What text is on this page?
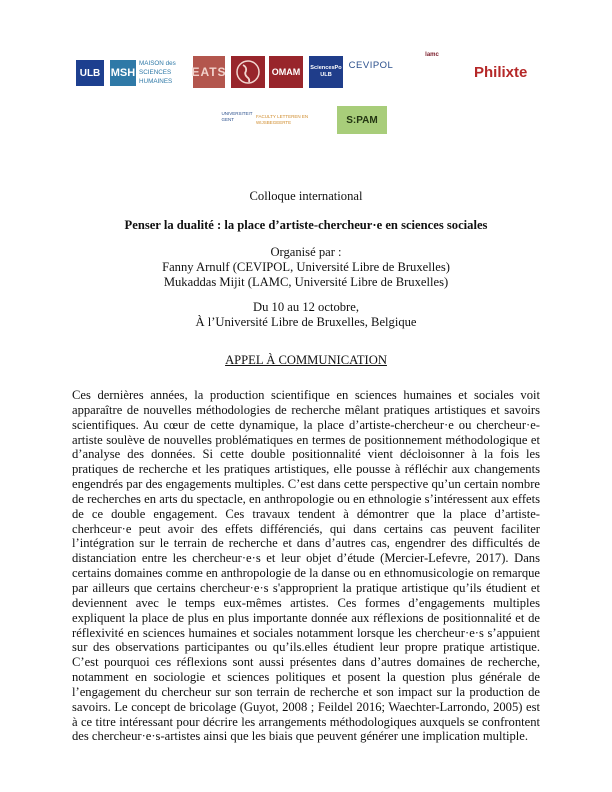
ULB MSH
MAISON des SCIENCES HUMAINES
EATS	OMAM	SciencesPo ULB
CEVIPOL
lamc
Philixte
UNIVERSITEIT GENT
FACULTY LETTEREN EN WIJSBEGEERTE	S:PAM
Colloque international
Penser la dualité : la place d’artiste-chercheur·e en sciences sociales
Organisé par :
Fanny Arnulf (CEVIPOL, Université Libre de Bruxelles)
Mukaddas Mijit (LAMC, Université Libre de Bruxelles)
Du 10 au 12 octobre,
À l’Université Libre de Bruxelles, Belgique
APPEL À COMMUNICATION

Ces dernières années, la production scientifique en sciences humaines et sociales voit apparaître de nouvelles méthodologies de recherche mêlant pratiques artistiques et savoirs scientifiques. Au cœur de cette dynamique, la place d’artiste-chercheur·e ou chercheur·e-artiste soulève de nouvelles problématiques en termes de positionnement méthodologique et d’analyse des données. Si cette double positionnalité vient décloisonner à la fois les pratiques de recherche et les pratiques artistiques, elle pousse à réfléchir aux changements engendrés par des engagements multiples. C’est dans cette perspective qu’un certain nombre de recherches en arts du spectacle, en anthropologie ou en ethnologie s’intéressent aux effets de ce double engagement. Ces travaux tendent à démontrer que la place d’artiste-cherhceur·e peut avoir des effets différenciés, qui dans certains cas peuvent faciliter l’intégration sur le terrain de recherche et dans d’autres cas, engendrer des difficultés de distanciation entre les chercheur·e·s et leur objet d’étude (Mercier-Lefevre, 2017). Dans certains domaines comme en anthropologie de la danse ou en ethnomusicologie on remarque par ailleurs que certains chercheur·e·s s'approprient la pratique artistique qu’ils étudient et deviennent avec le temps eux-mêmes artistes. Ces formes d’engagements multiples expliquent la place de plus en plus importante donnée aux réflexions de positionnalité et de réflexivité en sciences humaines et sociales notamment lorsque les chercheur·e·s s’appuient sur des observations participantes ou qu’ils.elles étudient leur propre pratique artistique. C’est pourquoi ces réflexions sont aussi présentes dans d’autres domaines de recherche, notamment en sociologie et sciences politiques et posent la question plus générale de l’engagement du chercheur sur son terrain de recherche et son impact sur la production de savoirs. Le concept de bricolage (Guyot, 2008 ; Feildel 2016; Waechter-Larrondo, 2005) est à ce titre intéressant pour décrire les arrangements méthodologiques auxquels se confrontent des chercheur·e·s-artistes ainsi que les biais que peuvent générer une implication multiple.
